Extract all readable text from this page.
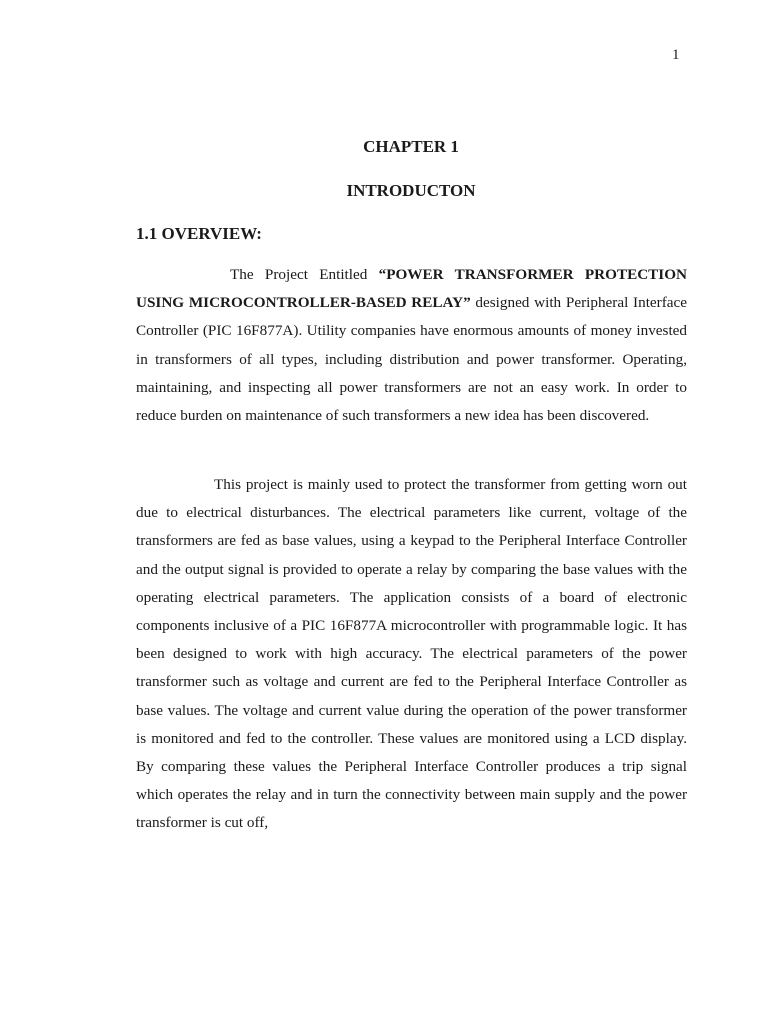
1
CHAPTER 1
INTRODUCTON
1.1 OVERVIEW:

The Project Entitled “POWER TRANSFORMER PROTECTION USING MICROCONTROLLER-BASED RELAY” designed with Peripheral Interface Controller (PIC 16F877A). Utility companies have enormous amounts of money invested in transformers of all types, including distribution and power transformer. Operating, maintaining, and inspecting all power transformers are not an easy work. In order to reduce burden on maintenance of such transformers a new idea has been discovered.

This project is mainly used to protect the transformer from getting worn out due to electrical disturbances. The electrical parameters like current, voltage of the transformers are fed as base values, using a keypad to the Peripheral Interface Controller and the output signal is provided to operate a relay by comparing the base values with the operating electrical parameters. The application consists of a board of electronic components inclusive of a PIC 16F877A microcontroller with programmable logic. It has been designed to work with high accuracy. The electrical parameters of the power transformer such as voltage and current are fed to the Peripheral Interface Controller as base values. The voltage and current value during the operation of the power transformer is monitored and fed to the controller. These values are monitored using a LCD display. By comparing these values the Peripheral Interface Controller produces a trip signal which operates the relay and in turn the connectivity between main supply and the power transformer is cut off,
